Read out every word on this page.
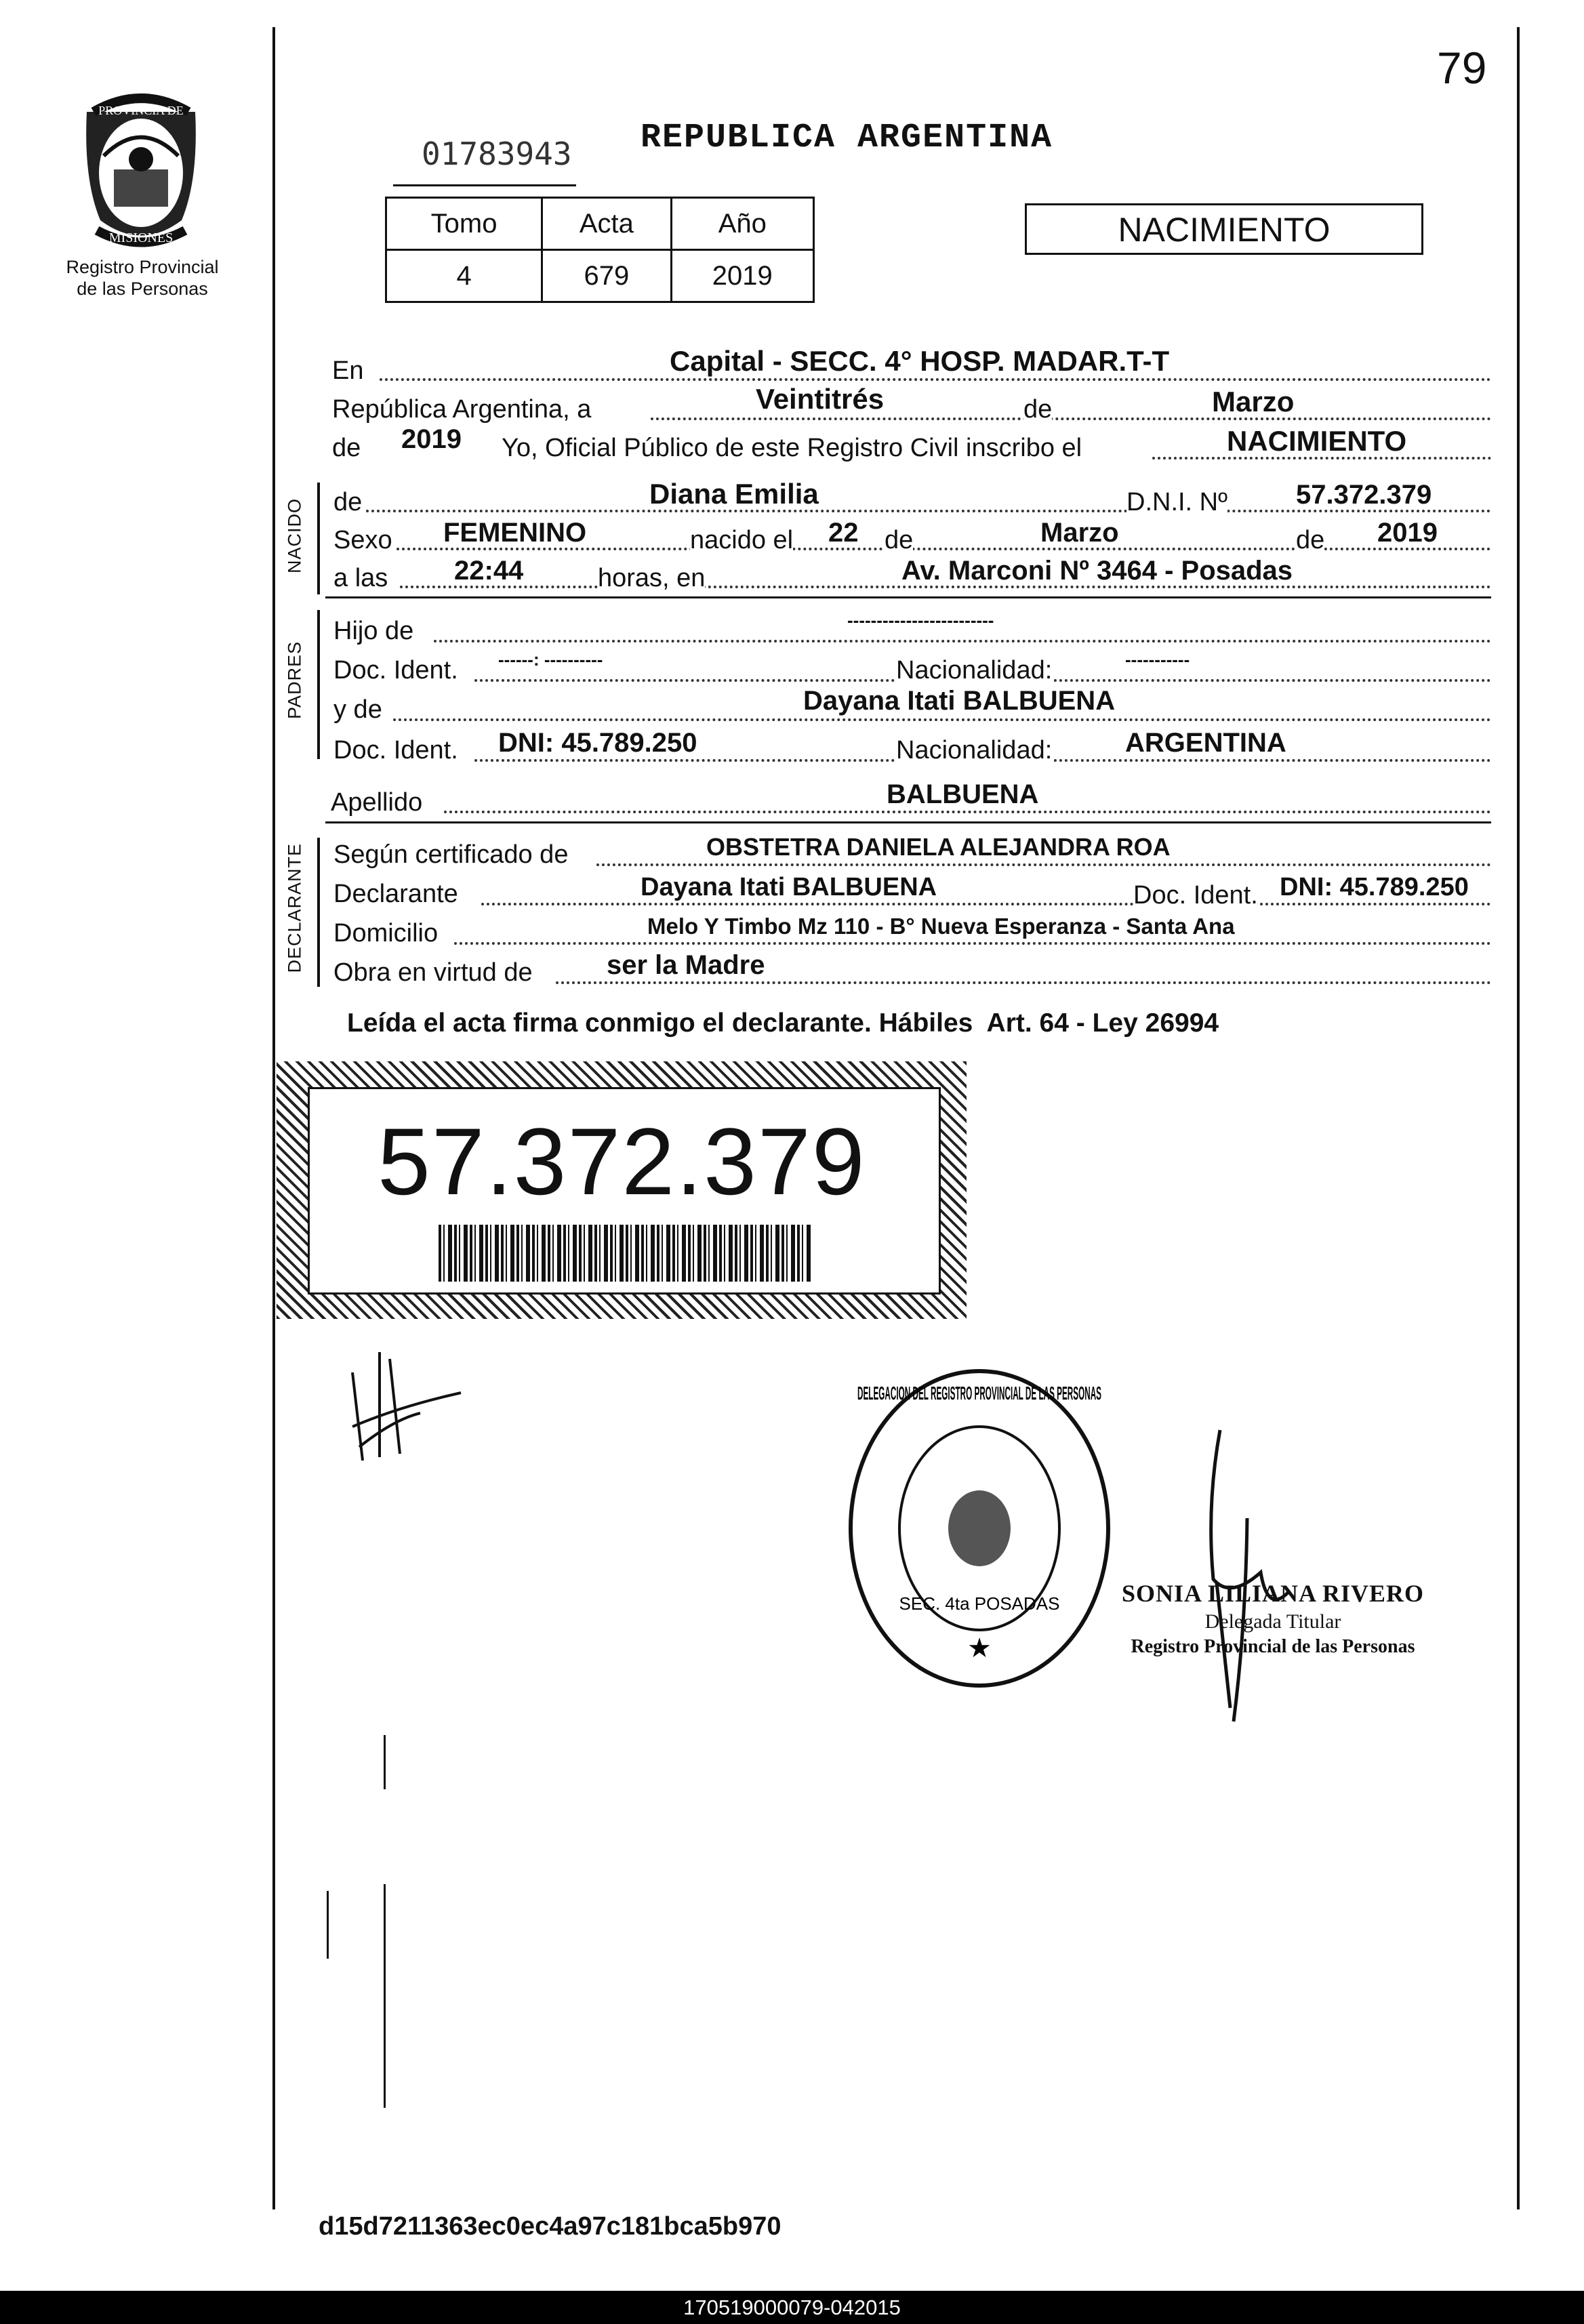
79
PROVINCIA DE
MISIONES
Registro Provincial
de las Personas
01783943 REPUBLICA ARGENTINA
Tomo	Acta	Año
4	679	2019
NACIMIENTO
En	Capital - SECC. 4° HOSP. MADAR.T-T
República Argentina, a	Veintitrés	de	Marzo
de 2019 Yo, Oficial Público de este Registro Civil inscribo el	NACIMIENTO
NACIDO de	Diana Emilia	D.N.I. Nº	57.372.379
Sexo FEMENINO	nacido el 22 de	Marzo	de 2019
a las 22:44	horas, en	Av. Marconi Nº 3464 - Posadas
PADRES
Hijo de	-------------------------
Doc. Ident. ------: ----------	Nacionalidad:	-----------
y de	Dayana Itati BALBUENA
Doc. Ident. DNI: 45.789.250	Nacionalidad:	ARGENTINA
Apellido	BALBUENA
DECLARANTE Según certificado de	OBSTETRA DANIELA ALEJANDRA ROA
Declarante	Dayana Itati BALBUENA	Doc. Ident. DNI: 45.789.250
Domicilio	Melo Y Timbo Mz 110 - B° Nueva Esperanza - Santa Ana
Obra en virtud de	ser la Madre
Leída el acta firma conmigo el declarante. Hábiles  Art. 64 - Ley 26994
57.372.379
DELEGACION DEL REGISTRO PROVINCIAL DE LAS PERSONAS
SEC. 4ta POSADAS
★
SONIA LILIANA RIVERO
Delegada Titular
Registro Provincial de las Personas
d15d7211363ec0ec4a97c181bca5b970
170519000079-042015
